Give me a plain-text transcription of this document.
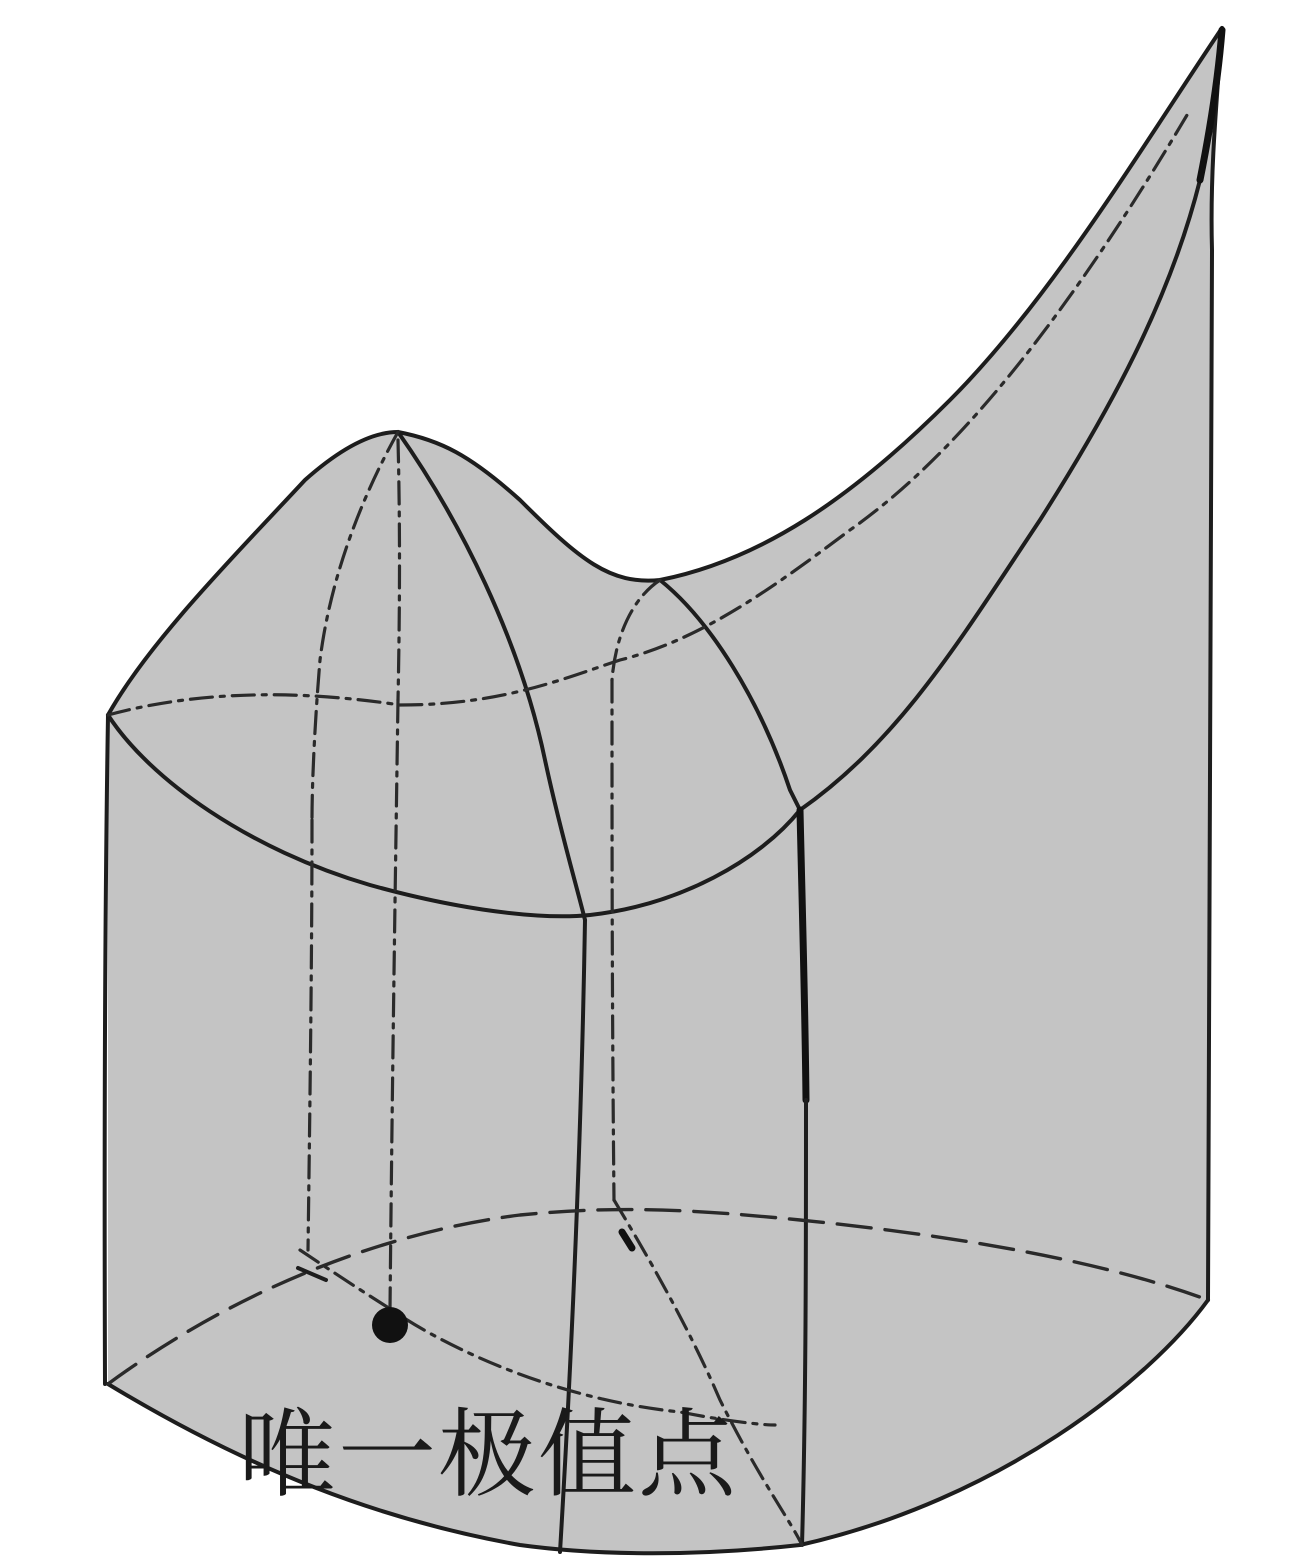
唯一极值点
